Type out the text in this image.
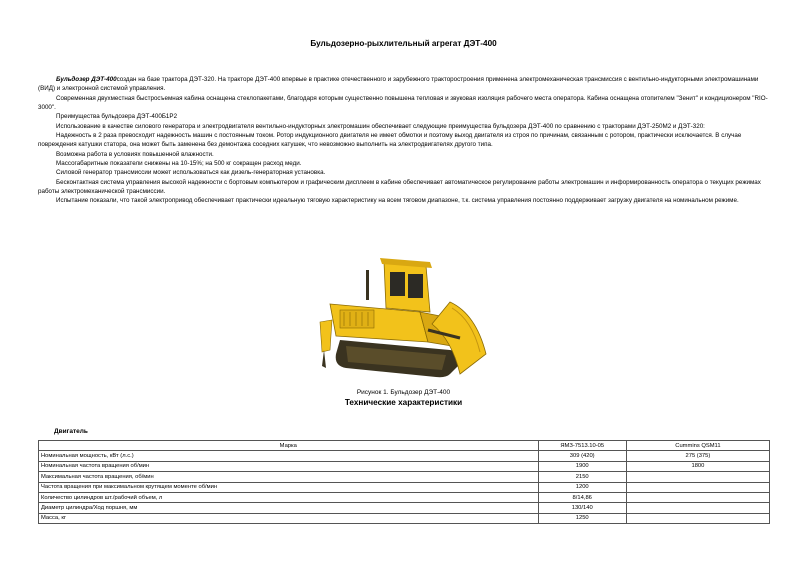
Бульдозерно-рыхлительный агрегат ДЭТ-400

Бульдозер ДЭТ-400создан на базе трактора ДЭТ-320. На тракторе ДЭТ-400 впервые в практике отечественного и зарубежного тракторостроения применена электромеханическая трансмиссия с вентильно-индукторными электромашинами (ВИД) и электронной системой управления.

Современная двухместная быстросъемная кабина оснащена стеклопакетами, благодаря которым существенно повышена тепловая и звуковая изоляция рабочего места оператора. Кабина оснащена отопителем "Зенит" и кондиционером "RIO-3000".

Преимущества бульдозера ДЭТ-400Б1Р2

Использование в качестве силового генератора и электродвигателя вентильно-индукторных электромашин обеспечивает следующие преимущества бульдозера ДЭТ-400 по сравнению с тракторами ДЭТ-250М2 и ДЭТ-320:

Надежность в 2 раза превосходит надежность машин с постоянным током. Ротор индукционного двигателя не имеет обмотки и поэтому выход двигателя из строя по причинам, связанным с ротором, практически исключается. В случае повреждения катушки статора, она может быть заменена без демонтажа соседних катушек, что невозможно выполнить на электродвигателях другого типа.

Возможна работа в условиях повышенной влажности.

Массогабаритные показатели снижены на 10-15%; на 500 кг сокращен расход меди.

Силовой генератор трансмиссии может использоваться как дизель-генераторная установка.

Бесконтактная система управления высокой надежности с бортовым компьютером и графическим дисплеем в кабине обеспечивает автоматическое регулирование работы электромашин и информированность оператора о текущих режимах работы электромеханической трансмиссии.

Испытание показали, что такой электропривод обеспечивает практически идеальную тяговую характеристику на всем тяговом диапазоне, т.к. система управления постоянно поддерживает загрузку двигателя на номинальном режиме.

Рисунок 1. Бульдозер ДЭТ-400
Технические характеристики
Двигатель
Марка	ЯМЗ-7513.10-05	Cummins QSM11
Номинальная мощность, кВт (л.с.)	309 (420)	275 (375)
Номинальная частота вращения об/мин	1900	1800
Максимальная частота вращения, об/мин	2150	
Частота вращения при максимальном крутящем моменте об/мин	1200	
Количество цилиндров шт./рабочий объем, л	8/14,86	
Диаметр цилиндра/Ход поршня, мм	130/140	
Масса, кг	1250	
